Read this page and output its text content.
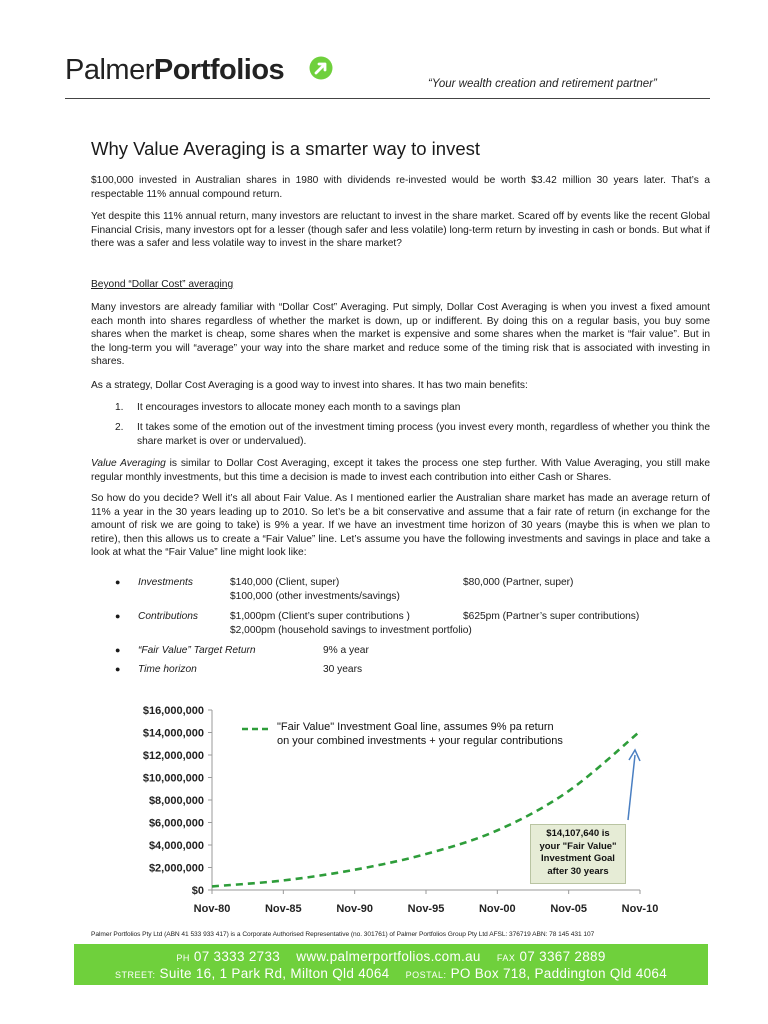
PalmerPortfolios	“Your wealth creation and retirement partner”
Why Value Averaging is a smarter way to invest

$100,000 invested in Australian shares in 1980 with dividends re-invested would be worth $3.42 million 30 years later. That’s a respectable 11% annual compound return.

Yet despite this 11% annual return, many investors are reluctant to invest in the share market. Scared off by events like the recent Global Financial Crisis, many investors opt for a lesser (though safer and less volatile) long-term return by investing in cash or bonds. But what if there was a safer and less volatile way to invest in the share market?

Beyond “Dollar Cost” averaging

Many investors are already familiar with “Dollar Cost” Averaging. Put simply, Dollar Cost Averaging is when you invest a fixed amount each month into shares regardless of whether the market is down, up or indifferent. By doing this on a regular basis, you buy some shares when the market is cheap, some shares when the market is expensive and some shares when the market is “fair value”. But in the long-term you will “average” your way into the share market and reduce some of the timing risk that is associated with investing in shares.

As a strategy, Dollar Cost Averaging is a good way to invest into shares. It has two main benefits:

1. It encourages investors to allocate money each month to a savings plan
2. It takes some of the emotion out of the investment timing process (you invest every month, regardless of whether you think the share market is over or undervalued).

Value Averaging is similar to Dollar Cost Averaging, except it takes the process one step further. With Value Averaging, you still make regular monthly investments, but this time a decision is made to invest each contribution into either Cash or Shares.

So how do you decide? Well it’s all about Fair Value. As I mentioned earlier the Australian share market has made an average return of 11% a year in the 30 years leading up to 2010. So let’s be a bit conservative and assume that a fair rate of return (in exchange for the amount of risk we are going to take) is 9% a year. If we have an investment time horizon of 30 years (maybe this is when we plan to retire), then this allows us to create a “Fair Value” line. Let’s assume you have the following investments and savings in place and take a look at what the “Fair Value” line might look like:

● Investments	$140,000 (Client, super)	$80,000 (Partner, super)
$100,000 (other investments/savings)
● Contributions	$1,000pm (Client’s super contributions )	$625pm (Partner’s super contributions)
$2,000pm (household savings to investment portfolio)
● “Fair Value” Target Return	9% a year
● Time horizon	30 years
$0
$2,000,000
$4,000,000
$6,000,000
$8,000,000
$10,000,000
$12,000,000
$14,000,000
$16,000,000
Nov-80	Nov-85	Nov-90	Nov-95	Nov-00	Nov-05	Nov-10
"Fair Value" Investment Goal line, assumes 9% pa return
on your combined investments + your regular contributions
$14,107,640 is
your "Fair Value"
Investment Goal
after 30 years
Palmer Portfolios Pty Ltd (ABN 41 533 933 417) is a Corporate Authorised Representative (no. 301761) of Palmer Portfolios Group Pty Ltd AFSL: 376719 ABN: 78 145 431 107
PH 07 3333 2733 www.palmerportfolios.com.au FAX 07 3367 2889
STREET: Suite 16, 1 Park Rd, Milton Qld 4064 POSTAL: PO Box 718, Paddington Qld 4064
